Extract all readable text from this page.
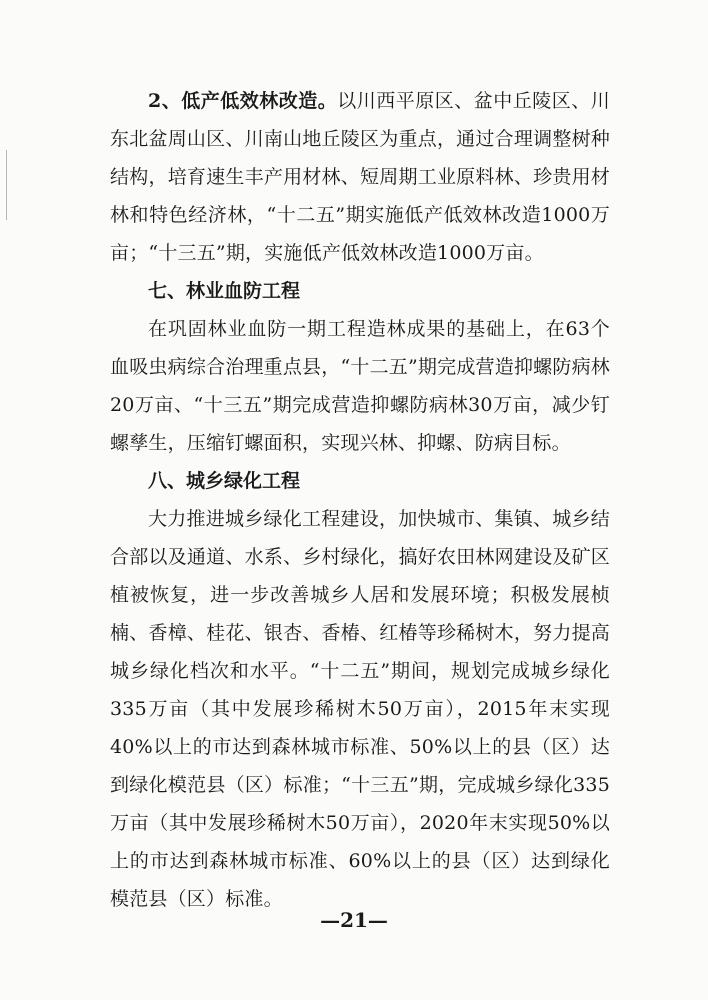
2、低产低效林改造。以川西平原区、盆中丘陵区、川东北盆周山区、川南山地丘陵区为重点，通过合理调整树种结构，培育速生丰产用材林、短周期工业原料林、珍贵用材林和特色经济林，“十二五”期实施低产低效林改造1000万亩；“十三五”期，实施低产低效林改造1000万亩。

七、林业血防工程

在巩固林业血防一期工程造林成果的基础上，在63个血吸虫病综合治理重点县，“十二五”期完成营造抑螺防病林20万亩、“十三五”期完成营造抑螺防病林30万亩，减少钉螺孳生，压缩钉螺面积，实现兴林、抑螺、防病目标。

八、城乡绿化工程

大力推进城乡绿化工程建设，加快城市、集镇、城乡结合部以及通道、水系、乡村绿化，搞好农田林网建设及矿区植被恢复，进一步改善城乡人居和发展环境；积极发展桢楠、香樟、桂花、银杏、香椿、红椿等珍稀树木，努力提高城乡绿化档次和水平。“十二五”期间，规划完成城乡绿化335万亩（其中发展珍稀树木50万亩），2015年末实现40%以上的市达到森林城市标准、50%以上的县（区）达到绿化模范县（区）标准；“十三五”期，完成城乡绿化335万亩（其中发展珍稀树木50万亩），2020年末实现50%以上的市达到森林城市标准、60%以上的县（区）达到绿化模范县（区）标准。

—21—
